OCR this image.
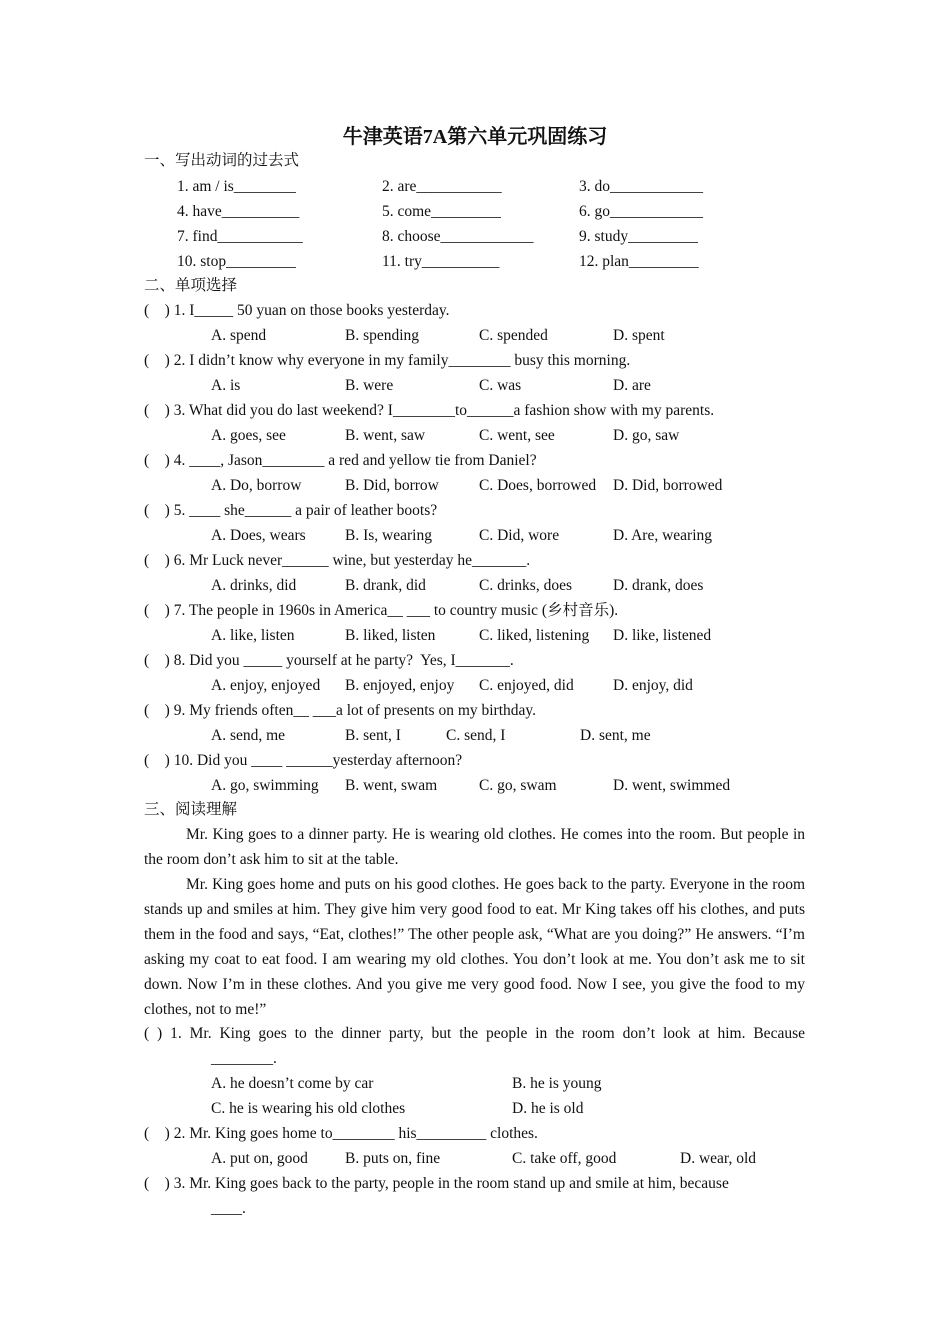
牛津英语7A第六单元巩固练习
一、写出动词的过去式
1. am / is________	2. are___________	3. do____________
4. have__________	5. come_________	6. go____________
7. find___________	8. choose____________	9. study_________
10. stop_________	11. try__________	12. plan_________
二、单项选择
(    ) 1. I_____ 50 yuan on those books yesterday.
A. spend	B. spending	C. spended	D. spent
(    ) 2. I didn’t know why everyone in my family________ busy this morning.
A. is	B. were	C. was	D. are
(    ) 3. What did you do last weekend? I________to______a fashion show with my parents.
A. goes, see	B. went, saw	C. went, see	D. go, saw
(    ) 4. ____, Jason________ a red and yellow tie from Daniel?
A. Do, borrow	B. Did, borrow	C. Does, borrowed D. Did, borrowed
(    ) 5. ____ she______ a pair of leather boots?
A. Does, wears	B. Is, wearing	C. Did, wore	D. Are, wearing
(    ) 6. Mr Luck never______ wine, but yesterday he_______.
A. drinks, did	B. drank, did	C. drinks, does	D. drank, does
(    ) 7. The people in 1960s in America__ ___ to country music (乡村音乐).
A. like, listen	B. liked, listen	C. liked, listening D. like, listened
(    ) 8. Did you _____ yourself at he party?  Yes, I_______.
A. enjoy, enjoyed B. enjoyed, enjoy C. enjoyed, did	D. enjoy, did
(    ) 9. My friends often__ ___a lot of presents on my birthday.
A. send, me	B. sent, I	C. send, I	D. sent, me
(    ) 10. Did you ____ ______yesterday afternoon?
A. go, swimming B. went, swam	C. go, swam	D. went, swimmed
三、阅读理解

Mr. King goes to a dinner party. He is wearing old clothes. He comes into the room. But people in the room don’t ask him to sit at the table.

Mr. King goes home and puts on his good clothes. He goes back to the party. Everyone in the room stands up and smiles at him. They give him very good food to eat. Mr King takes off his clothes, and puts them in the food and says, “Eat, clothes!” The other people ask, “What are you doing?” He answers. “I’m asking my coat to eat food. I am wearing my old clothes. You don’t look at me. You don’t ask me to sit down. Now I’m in these clothes. And you give me very good food. Now I see, you give the food to my clothes, not to me!”

( ) 1. Mr. King goes to the dinner party, but the people in the room don’t look at him. Because

________.
A. he doesn’t come by car	B. he is young
C. he is wearing his old clothes	D. he is old
(    ) 2. Mr. King goes home to________ his_________ clothes.
A. put on, good B. puts on, fine	C. take off, good	D. wear, old
(    ) 3. Mr. King goes back to the party, people in the room stand up and smile at him, because
____.
